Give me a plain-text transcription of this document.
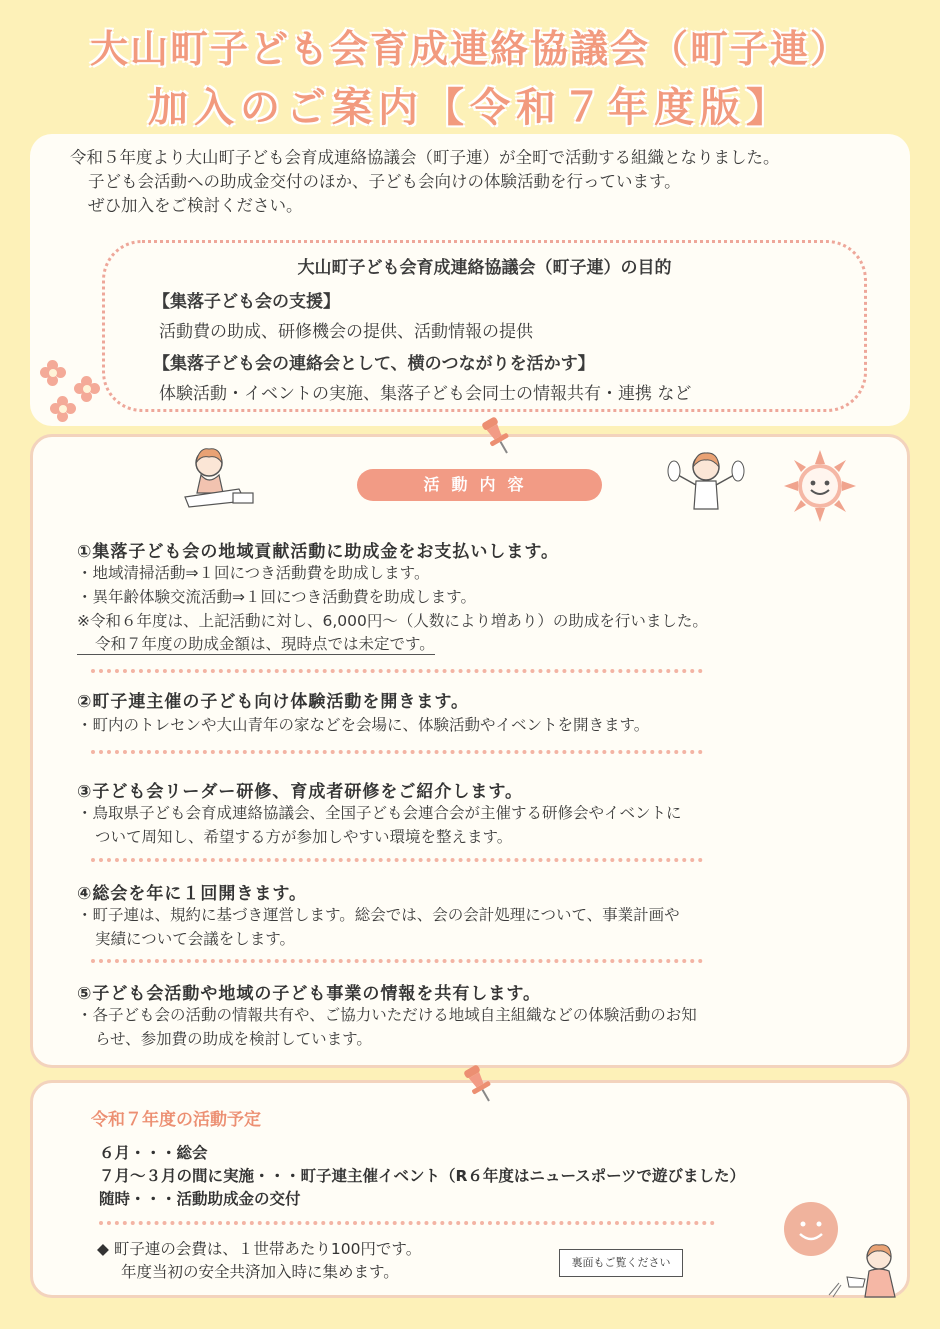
大山町子ども会育成連絡協議会（町子連）
加入のご案内【令和７年度版】
令和５年度より大山町子ども会育成連絡協議会（町子連）が全町で活動する組織となりました。
子ども会活動への助成金交付のほか、子ども会向けの体験活動を行っています。
ぜひ加入をご検討ください。
大山町子ども会育成連絡協議会（町子連）の目的
【集落子ども会の支援】
活動費の助成、研修機会の提供、活動情報の提供
【集落子ども会の連絡会として、横のつながりを活かす】
体験活動・イベントの実施、集落子ども会同士の情報共有・連携 など
活動内容
①集落子ども会の地域貢献活動に助成金をお支払いします。
・地域清掃活動⇒１回につき活動費を助成します。
・異年齢体験交流活動⇒１回につき活動費を助成します。
※令和６年度は、上記活動に対し、6,000円〜（人数により増あり）の助成を行いました。
令和７年度の助成金額は、現時点では未定です。
②町子連主催の子ども向け体験活動を開きます。
・町内のトレセンや大山青年の家などを会場に、体験活動やイベントを開きます。
③子ども会リーダー研修、育成者研修をご紹介します。
・鳥取県子ども会育成連絡協議会、全国子ども会連合会が主催する研修会やイベントに
ついて周知し、希望する方が参加しやすい環境を整えます。
④総会を年に１回開きます。
・町子連は、規約に基づき運営します。総会では、会の会計処理について、事業計画や
実績について会議をします。
⑤子ども会活動や地域の子ども事業の情報を共有します。
・各子ども会の活動の情報共有や、ご協力いただける地域自主組織などの体験活動のお知
らせ、参加費の助成を検討しています。
令和７年度の活動予定
６月・・・総会
７月〜３月の間に実施・・・町子連主催イベント（R６年度はニュースポーツで遊びました）
随時・・・活動助成金の交付
◆ 町子連の会費は、１世帯あたり100円です。
年度当初の安全共済加入時に集めます。
裏面もご覧ください
